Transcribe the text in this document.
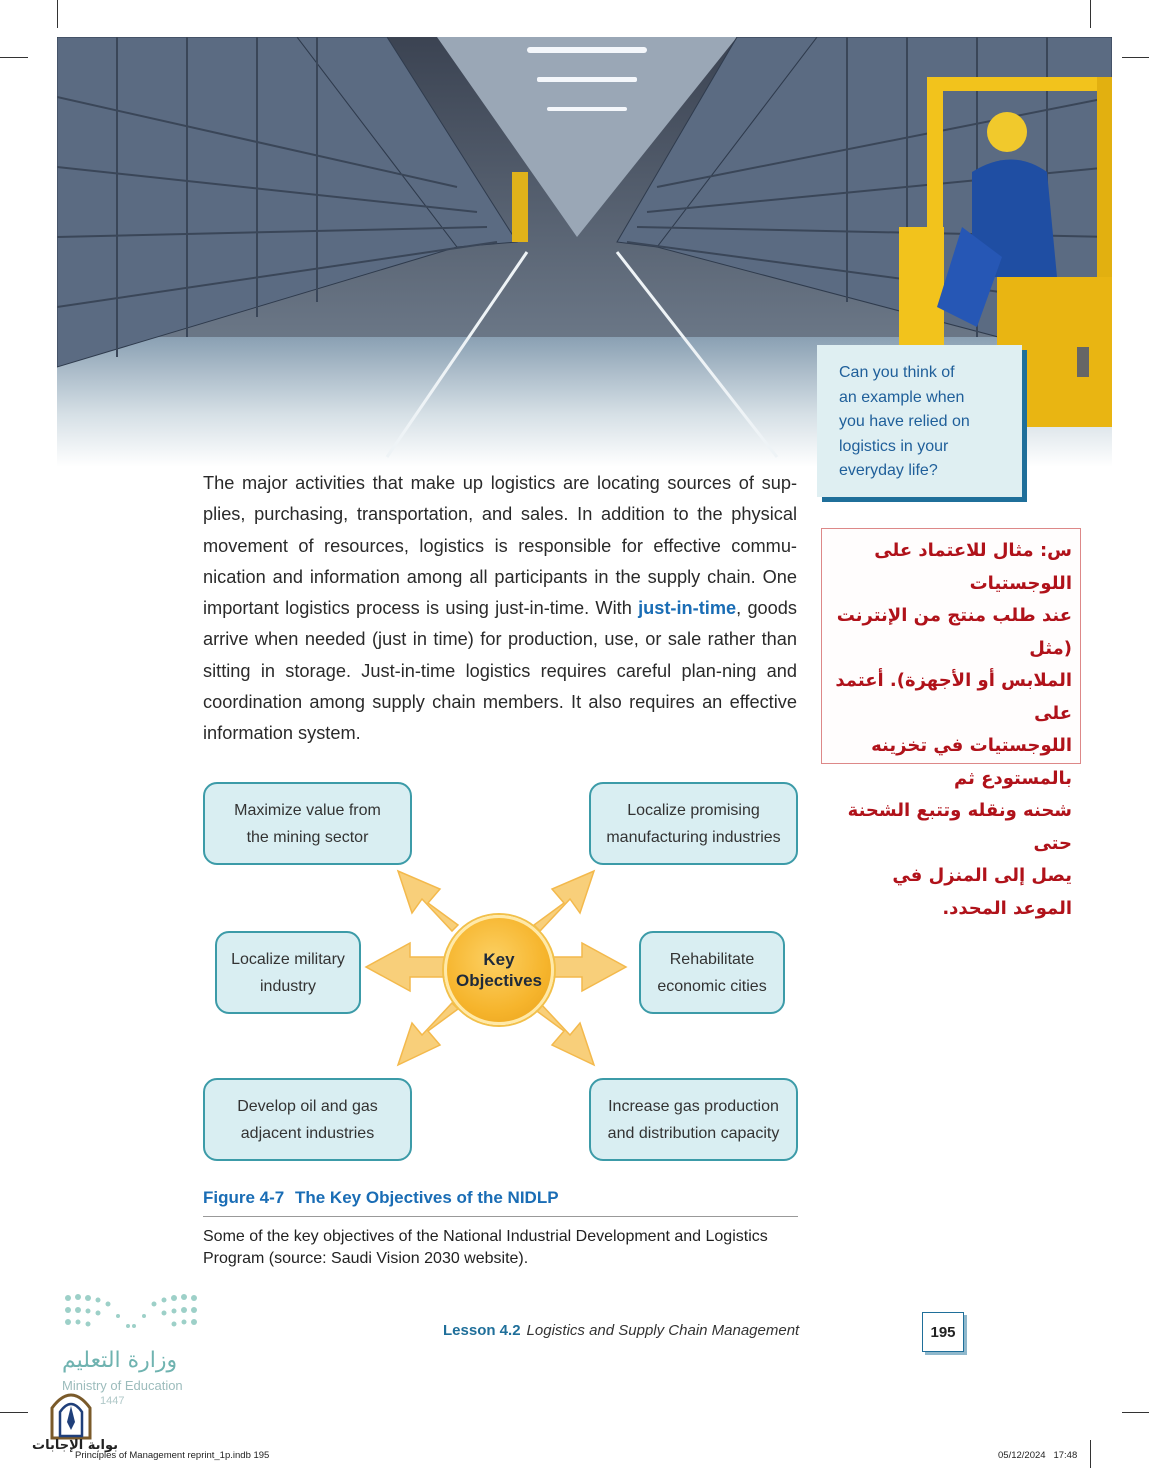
Can you think of
an example when
you have relied on
logistics in your
everyday life?

The major activities that make up logistics are locating sources of sup-plies, purchasing, transportation, and sales. In addition to the physical movement of resources, logistics is responsible for effective commu-nication and information among all participants in the supply chain. One important logistics process is using just-in-time. With just-in-time, goods arrive when needed (just in time) for production, use, or sale rather than sitting in storage. Just-in-time logistics requires careful plan-ning and coordination among supply chain members. It also requires an effective information system.

س: مثال للاعتماد على
اللوجستيات
عند طلب منتج من الإنترنت (مثل
الملابس أو الأجهزة). أعتمد على
اللوجستيات في تخزينه بالمستودع ثم
شحنه ونقله وتتبع الشحنة حتى
يصل إلى المنزل في الموعد المحدد.

Maximize value from
the mining sector
Localize promising
manufacturing industries
Localize military
industry
Rehabilitate
economic cities
Develop oil and gas
adjacent industries
Increase gas production
and distribution capacity
Key
Objectives

Figure 4-7 The Key Objectives of the NIDLP

Some of the key objectives of the National Industrial Development and Logistics Program (source: Saudi Vision 2030 website).

وزارة التعليم
Ministry of Education
1447
Lesson 4.2 Logistics and Supply Chain Management	195
بوابة الإجابات
Principles of Management reprint_1p.indb 195	05/12/2024 17:48
